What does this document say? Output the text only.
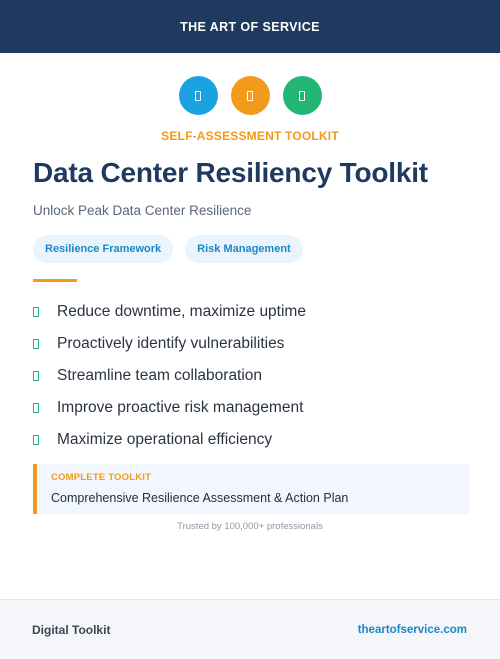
THE ART OF SERVICE
SELF-ASSESSMENT TOOLKIT
Data Center Resiliency Toolkit
Unlock Peak Data Center Resilience
Resilience Framework	Risk Management
Reduce downtime, maximize uptime
Proactively identify vulnerabilities
Streamline team collaboration
Improve proactive risk management
Maximize operational efficiency
COMPLETE TOOLKIT
Comprehensive Resilience Assessment & Action Plan
Trusted by 100,000+ professionals
Digital Toolkit	theartofservice.com
